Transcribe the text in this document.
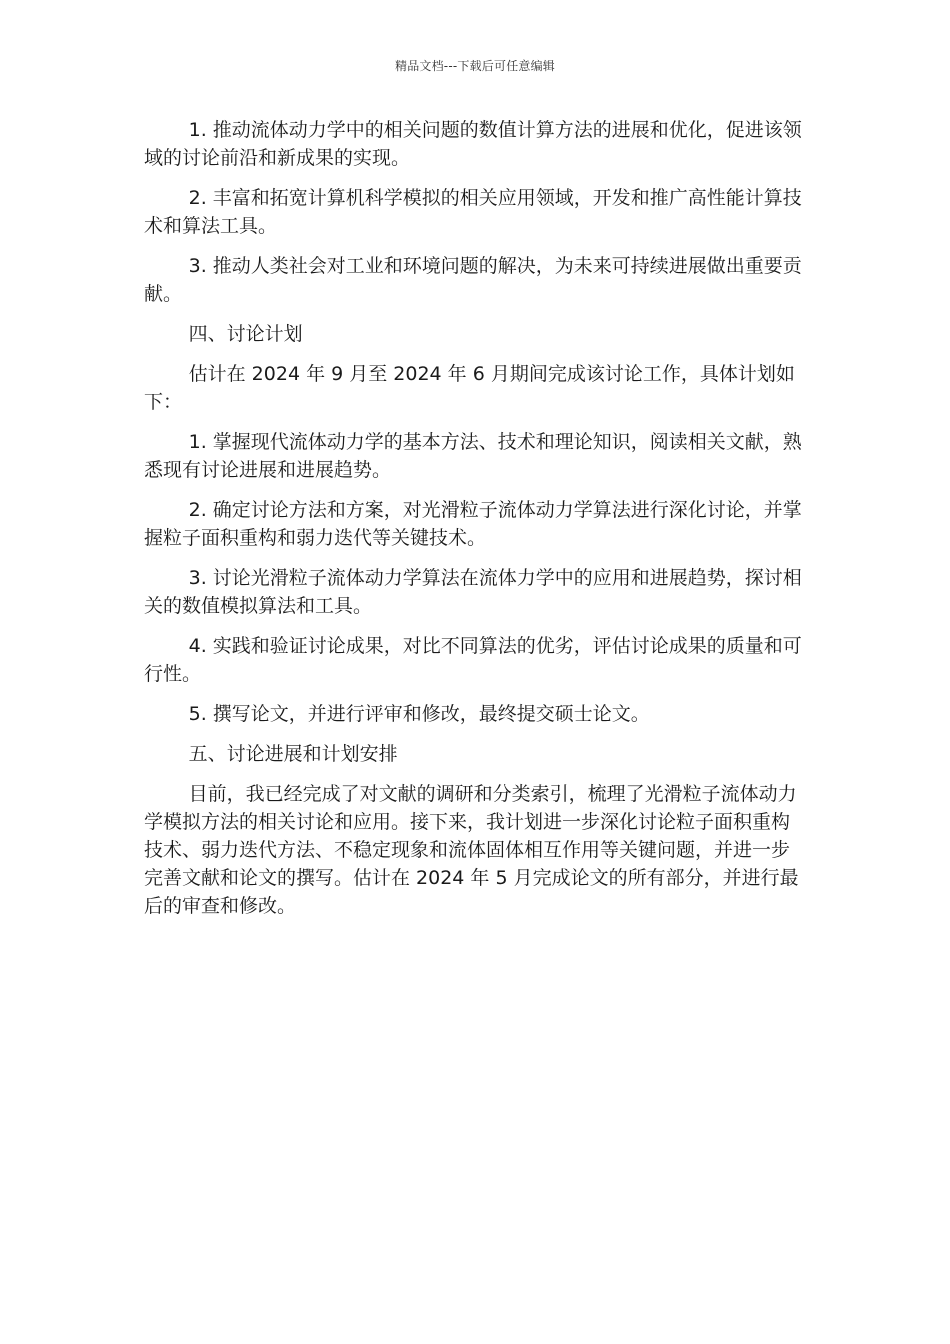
精品文档---下载后可任意编辑

1. 推动流体动力学中的相关问题的数值计算方法的进展和优化，促进该领域的讨论前沿和新成果的实现。

2. 丰富和拓宽计算机科学模拟的相关应用领域，开发和推广高性能计算技术和算法工具。

3. 推动人类社会对工业和环境问题的解决，为未来可持续进展做出重要贡献。

四、讨论计划

估计在 2024 年 9 月至 2024 年 6 月期间完成该讨论工作，具体计划如下：

1. 掌握现代流体动力学的基本方法、技术和理论知识，阅读相关文献，熟悉现有讨论进展和进展趋势。

2. 确定讨论方法和方案，对光滑粒子流体动力学算法进行深化讨论，并掌握粒子面积重构和弱力迭代等关键技术。

3. 讨论光滑粒子流体动力学算法在流体力学中的应用和进展趋势，探讨相关的数值模拟算法和工具。

4. 实践和验证讨论成果，对比不同算法的优劣，评估讨论成果的质量和可行性。

5. 撰写论文，并进行评审和修改，最终提交硕士论文。

五、讨论进展和计划安排

目前，我已经完成了对文献的调研和分类索引，梳理了光滑粒子流体动力学模拟方法的相关讨论和应用。接下来，我计划进一步深化讨论粒子面积重构技术、弱力迭代方法、不稳定现象和流体固体相互作用等关键问题，并进一步完善文献和论文的撰写。估计在 2024 年 5 月完成论文的所有部分，并进行最后的审查和修改。
